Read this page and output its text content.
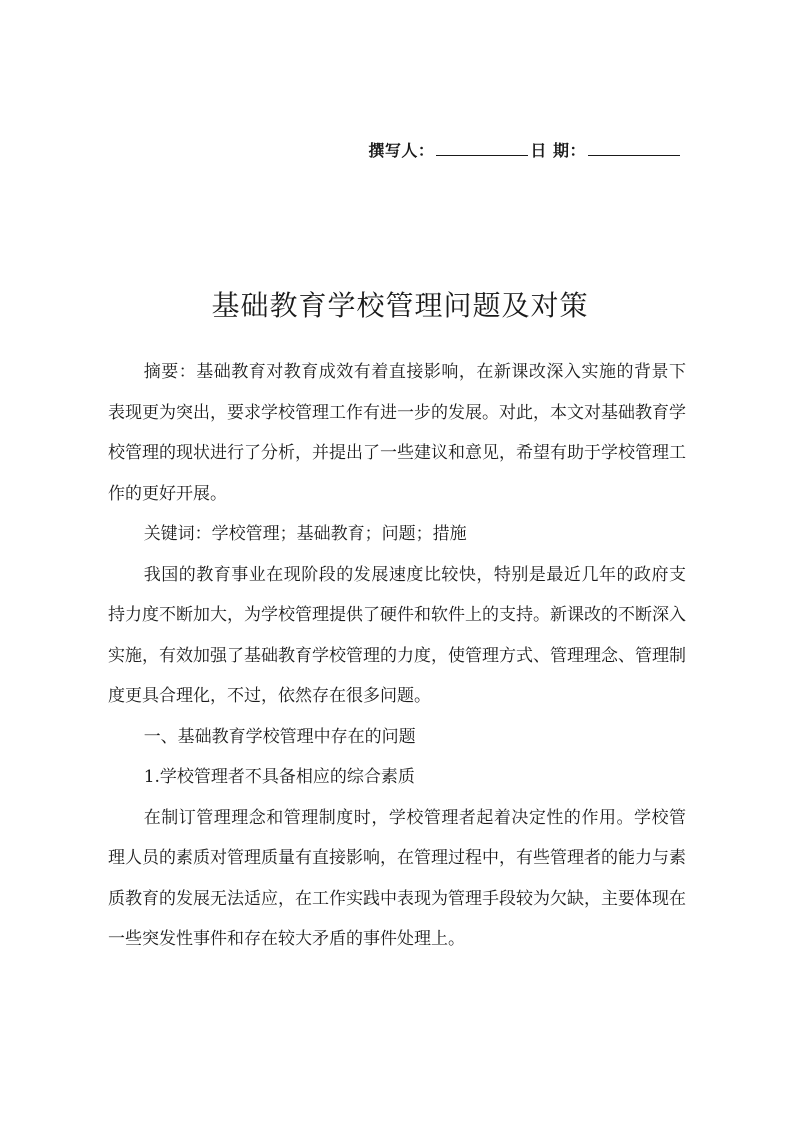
撰写人：	日 期：
基础教育学校管理问题及对策

摘要：基础教育对教育成效有着直接影响，在新课改深入实施的背景下表现更为突出，要求学校管理工作有进一步的发展。对此，本文对基础教育学校管理的现状进行了分析，并提出了一些建议和意见，希望有助于学校管理工作的更好开展。

关键词：学校管理；基础教育；问题；措施

我国的教育事业在现阶段的发展速度比较快，特别是最近几年的政府支持力度不断加大，为学校管理提供了硬件和软件上的支持。新课改的不断深入实施，有效加强了基础教育学校管理的力度，使管理方式、管理理念、管理制度更具合理化，不过，依然存在很多问题。

一、基础教育学校管理中存在的问题

1.学校管理者不具备相应的综合素质

在制订管理理念和管理制度时，学校管理者起着决定性的作用。学校管理人员的素质对管理质量有直接影响，在管理过程中，有些管理者的能力与素质教育的发展无法适应，在工作实践中表现为管理手段较为欠缺，主要体现在一些突发性事件和存在较大矛盾的事件处理上。
